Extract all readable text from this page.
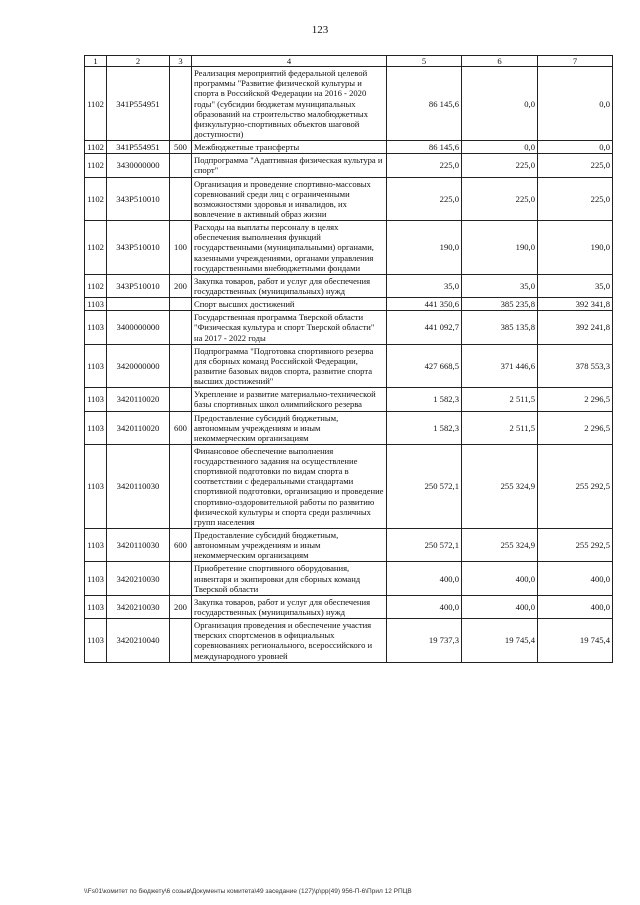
123
1	2	3	4	5	6	7
1102	341P554951		Реализация мероприятий федеральной целевой программы "Развитие физической культуры и спорта в Российской Федерации на 2016 - 2020 годы" (субсидии бюджетам муниципальных образований на строительство малобюджетных физкультурно-спортивных объектов шаговой доступности)	86 145,6	0,0	0,0
1102	341P554951	500	Межбюджетные трансферты	86 145,6	0,0	0,0
1102	3430000000		Подпрограмма "Адаптивная физическая культура и спорт"	225,0	225,0	225,0
1102	343P510010		Организация и проведение спортивно-массовых соревнований среди лиц с ограниченными возможностями здоровья и инвалидов, их вовлечение в активный образ жизни	225,0	225,0	225,0
1102	343P510010	100	Расходы на выплаты персоналу в целях обеспечения выполнения функций государственными (муниципальными) органами, казенными учреждениями, органами управления государственными внебюджетными фондами	190,0	190,0	190,0
1102	343P510010	200	Закупка товаров, работ и услуг для обеспечения государственных (муниципальных) нужд	35,0	35,0	35,0
1103			Спорт высших достижений	441 350,6	385 235,8	392 341,8
1103	3400000000		Государственная программа Тверской области "Физическая культура и спорт Тверской области" на 2017 - 2022 годы	441 092,7	385 135,8	392 241,8
1103	3420000000		Подпрограмма "Подготовка спортивного резерва для сборных команд Российской Федерации, развитие базовых видов спорта, развитие спорта высших достижений"	427 668,5	371 446,6	378 553,3
1103	3420110020		Укрепление и развитие материально-технической базы спортивных школ олимпийского резерва	1 582,3	2 511,5	2 296,5
1103	3420110020	600	Предоставление субсидий бюджетным, автономным учреждениям и иным некоммерческим организациям	1 582,3	2 511,5	2 296,5
1103	3420110030		Финансовое обеспечение выполнения государственного задания на осуществление спортивной подготовки по видам спорта в соответствии с федеральными стандартами спортивной подготовки, организацию и проведение спортивно-оздоровительной работы по развитию физической культуры и спорта среди различных групп населения	250 572,1	255 324,9	255 292,5
1103	3420110030	600	Предоставление субсидий бюджетным, автономным учреждениям и иным некоммерческим организациям	250 572,1	255 324,9	255 292,5
1103	3420210030		Приобретение спортивного оборудования, инвентаря и экипировки для сборных команд Тверской области	400,0	400,0	400,0
1103	3420210030	200	Закупка товаров, работ и услуг для обеспечения государственных (муниципальных) нужд	400,0	400,0	400,0
1103	3420210040		Организация проведения и обеспечение участия тверских спортсменов в официальных соревнованиях регионального, всероссийского и международного уровней	19 737,3	19 745,4	19 745,4
\\Fs01\комитет по бюджету\6 созыв\Документы комитета\49 заседание (127)\р\рр(49) 956-П-6\Прил 12 РПЦВ
